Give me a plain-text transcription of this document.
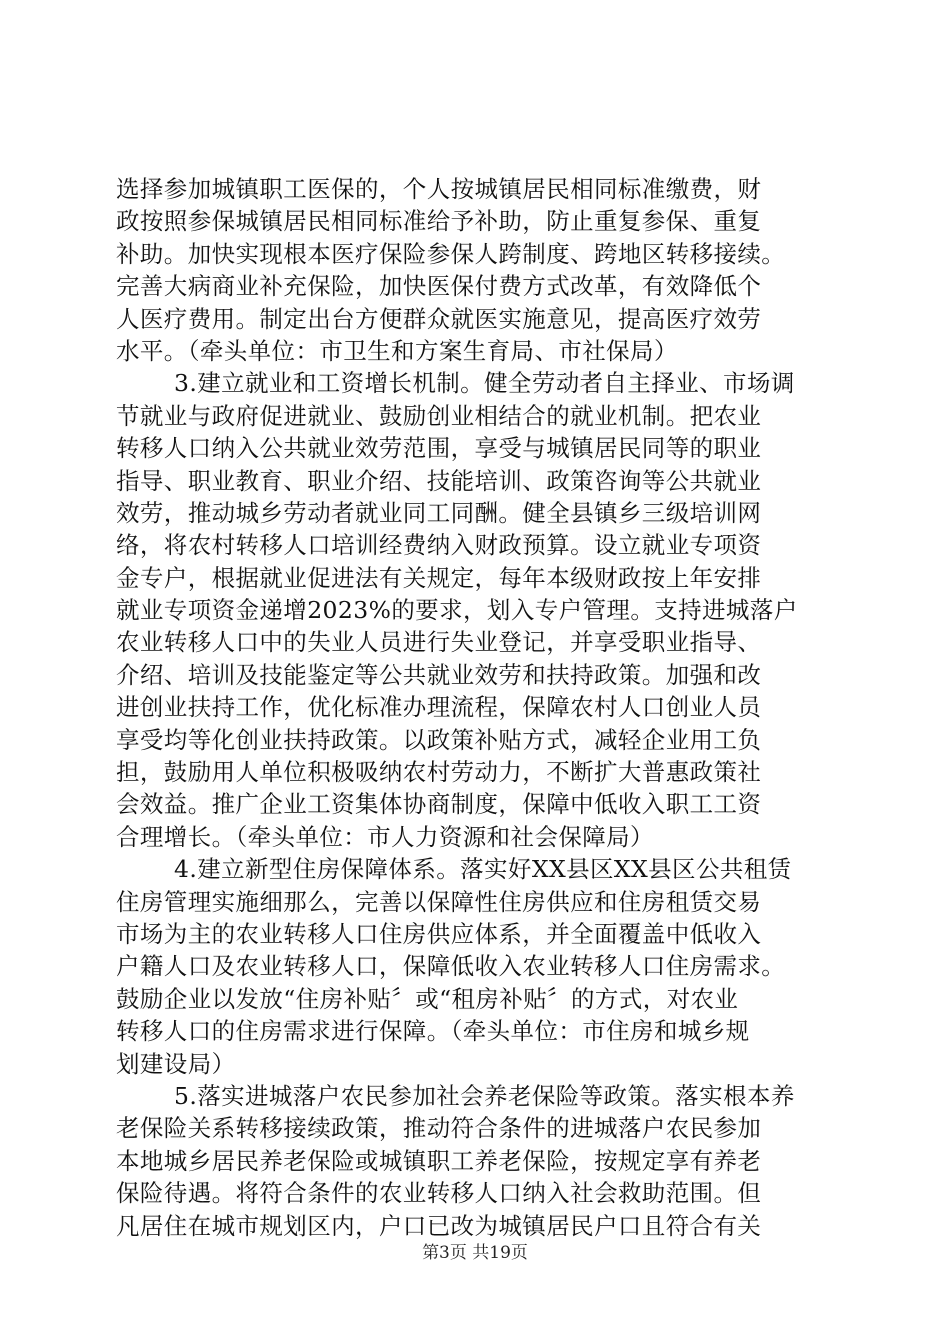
选择参加城镇职工医保的，个人按城镇居民相同标准缴费，财
政按照参保城镇居民相同标准给予补助，防止重复参保、重复
补助。加快实现根本医疗保险参保人跨制度、跨地区转移接续。
完善大病商业补充保险，加快医保付费方式改革，有效降低个
人医疗费用。制定出台方便群众就医实施意见，提高医疗效劳
水平。（牵头单位：市卫生和方案生育局、市社保局）
3.建立就业和工资增长机制。健全劳动者自主择业、市场调
节就业与政府促进就业、鼓励创业相结合的就业机制。把农业
转移人口纳入公共就业效劳范围，享受与城镇居民同等的职业
指导、职业教育、职业介绍、技能培训、政策咨询等公共就业
效劳，推动城乡劳动者就业同工同酬。健全县镇乡三级培训网
络，将农村转移人口培训经费纳入财政预算。设立就业专项资
金专户，根据就业促进法有关规定，每年本级财政按上年安排
就业专项资金递增2023%的要求，划入专户管理。支持进城落户
农业转移人口中的失业人员进行失业登记，并享受职业指导、
介绍、培训及技能鉴定等公共就业效劳和扶持政策。加强和改
进创业扶持工作，优化标准办理流程，保障农村人口创业人员
享受均等化创业扶持政策。以政策补贴方式，减轻企业用工负
担，鼓励用人单位积极吸纳农村劳动力，不断扩大普惠政策社
会效益。推广企业工资集体协商制度，保障中低收入职工工资
合理增长。（牵头单位：市人力资源和社会保障局）
4.建立新型住房保障体系。落实好XX县区XX县区公共租赁
住房管理实施细那么，完善以保障性住房供应和住房租赁交易
市场为主的农业转移人口住房供应体系，并全面覆盖中低收入
户籍人口及农业转移人口，保障低收入农业转移人口住房需求。
鼓励企业以发放“住房补贴〞或“租房补贴〞的方式，对农业
转移人口的住房需求进行保障。（牵头单位：市住房和城乡规
划建设局）
5.落实进城落户农民参加社会养老保险等政策。落实根本养
老保险关系转移接续政策，推动符合条件的进城落户农民参加
本地城乡居民养老保险或城镇职工养老保险，按规定享有养老
保险待遇。将符合条件的农业转移人口纳入社会救助范围。但
凡居住在城市规划区内，户口已改为城镇居民户口且符合有关
第3页 共19页
